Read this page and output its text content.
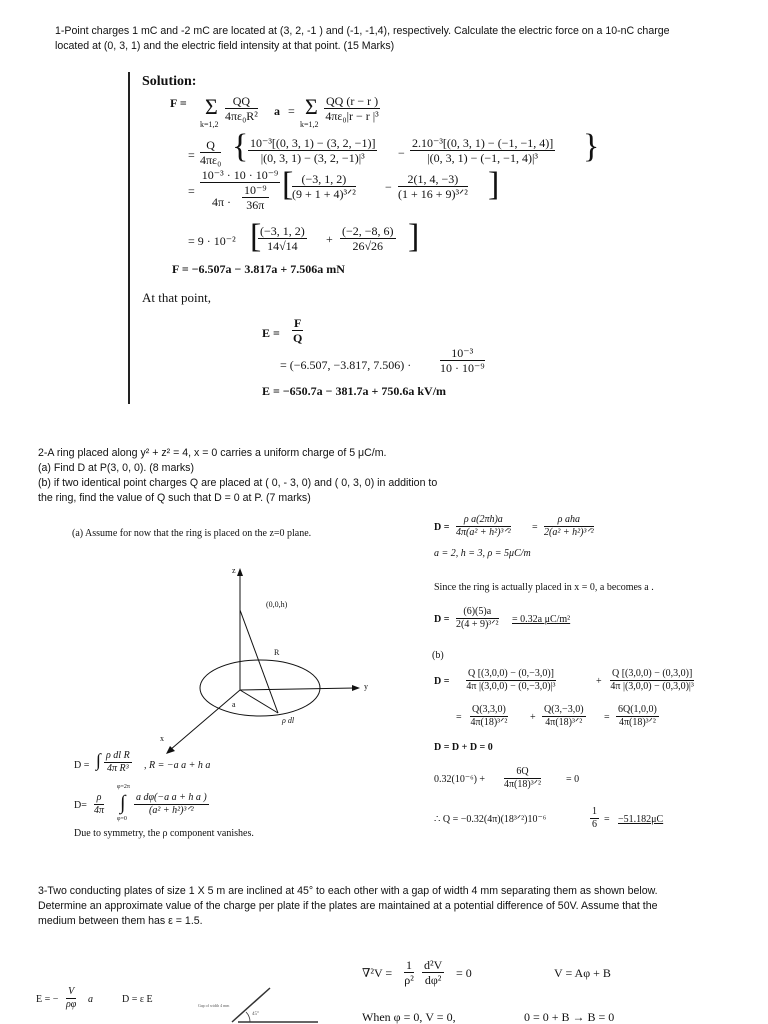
1-Point charges 1 mC and -2 mC are located at (3, 2, -1 ) and (-1, -1,4), respectively. Calculate the electric force on a 10-nC charge located at (0, 3, 1) and the electric field intensity at that point. (15 Marks)
Solution:
F = Σ
k=1,2
$\frac{QQ}{\text{4πε₀R²}}$ a = Σ
k=1,2
$\frac{QQ (r - r )}{\text{4πε₀|r − r |³}}$
= $\frac{Q}{\text{4πε₀}}$ { $\frac{\text{10⁻³[(0, 3, 1) − (3, 2, −1)]}}{\text{|(0, 3, 1) − (3, 2, −1)|³}} - \frac{\text{2.10⁻³[(0, 3, 1) − (−1, −1, 4)]}}{\text{|(0, 3, 1) − (−1, −1, 4)|³}}$ }
=
10⁻³ · 10 · 10⁻⁹
$4\pi \cdot \frac{\text{10⁻⁹}}{36\pi}$ [ (−3, 1, 2)
(9 + 1 + 4)³ᐟ² −
2(1, 4, −3)
(1 + 16 + 9)³ᐟ² ]
= 9 · 10⁻² [
$\frac{(-3, 1, 2)}{14√14} + \frac{(-2, -8, 6)}{26√26}$ ]
F = −6.507a − 3.817a + 7.506a mN
At that point,
$E = \frac{F}{Q}$
= (−6.507, −3.817, $7.506) \cdot \frac{\text{10⁻³}}{\text{10 · 10⁻⁹}}$
E = −650.7a − 381.7a + 750.6a kV/m
2-A ring placed along y² + z² = 4, x = 0 carries a uniform charge of 5 μC/m.
(a) Find D at P(3, 0, 0). (8 marks)
(b) if two identical point charges Q are placed at ( 0, - 3, 0) and ( 0, 3, 0) in addition to
the ring, find the value of Q such that D = 0 at P. (7 marks)
(a) Assume for now that the ring is placed on the z=0 plane.
z
y
x
(0,0,h)
R
a
ρ dl
D = ∫ $\frac{\text{ρ dl R}}{\text{4π R³}}$ , R = −a a + h a
$D= \frac{\rho}{4\pi}$ ∫
φ=2π
φ=0
a dφ(−a a + h a )
(a² + h²)³ᐟ²
Due to symmetry, the ρ component vanishes.
D =
ρ a(2πh)a
4π(a² + h²)³ᐟ² =
ρ aha
2(a² + h²)³ᐟ²
a = 2, h = 3, ρ = 5μC/m
Since the ring is actually placed in x = 0, a becomes a .
D =
(6)(5)a
2(4 + 9)³ᐟ² = 0.32a μC/m²
(b)
$D = \frac{Q [(3,0,0) - (0,-3,0)]}{\text{4π |(3,0,0) − (0,−3,0)|³}}$	+ $\frac{Q [(3,0,0) - (0,3,0)]}{\text{4π |(3,0,0) − (0,3,0)|³}}$
=
Q(3,3,0)
4π(18)³ᐟ² +
Q(3,−3,0)
4π(18)³ᐟ²	=
6Q(1,0,0)
4π(18)³ᐟ²
D = D + D = 0
0.32(10⁻⁶) +
6Q
4π(18)³ᐟ²	= 0
∴ Q = −0.32(4π)(18³ᐟ²)10⁻⁶	$\frac{1}{6} = -51.182\mu C$
3-Two conducting plates of size 1 X 5 m are inclined at 45° to each other with a gap of width 4 mm separating them as shown below.
Determine an approximate value of the charge per plate if the plates are maintained at a potential difference of 50V. Assume that the
medium between them has ε = 1.5.
E = − $\frac{V}{\rho\varphi}$ a	D = ε E
Gap of width 4 mm
45°
$\nabla^2V = \frac{1}{\text{ρ²}} \frac{\text{d²V}}{\text{dφ²}} = 0$	V = Aφ + B
When φ = 0, V = 0,	0 = 0 + B → B = 0
